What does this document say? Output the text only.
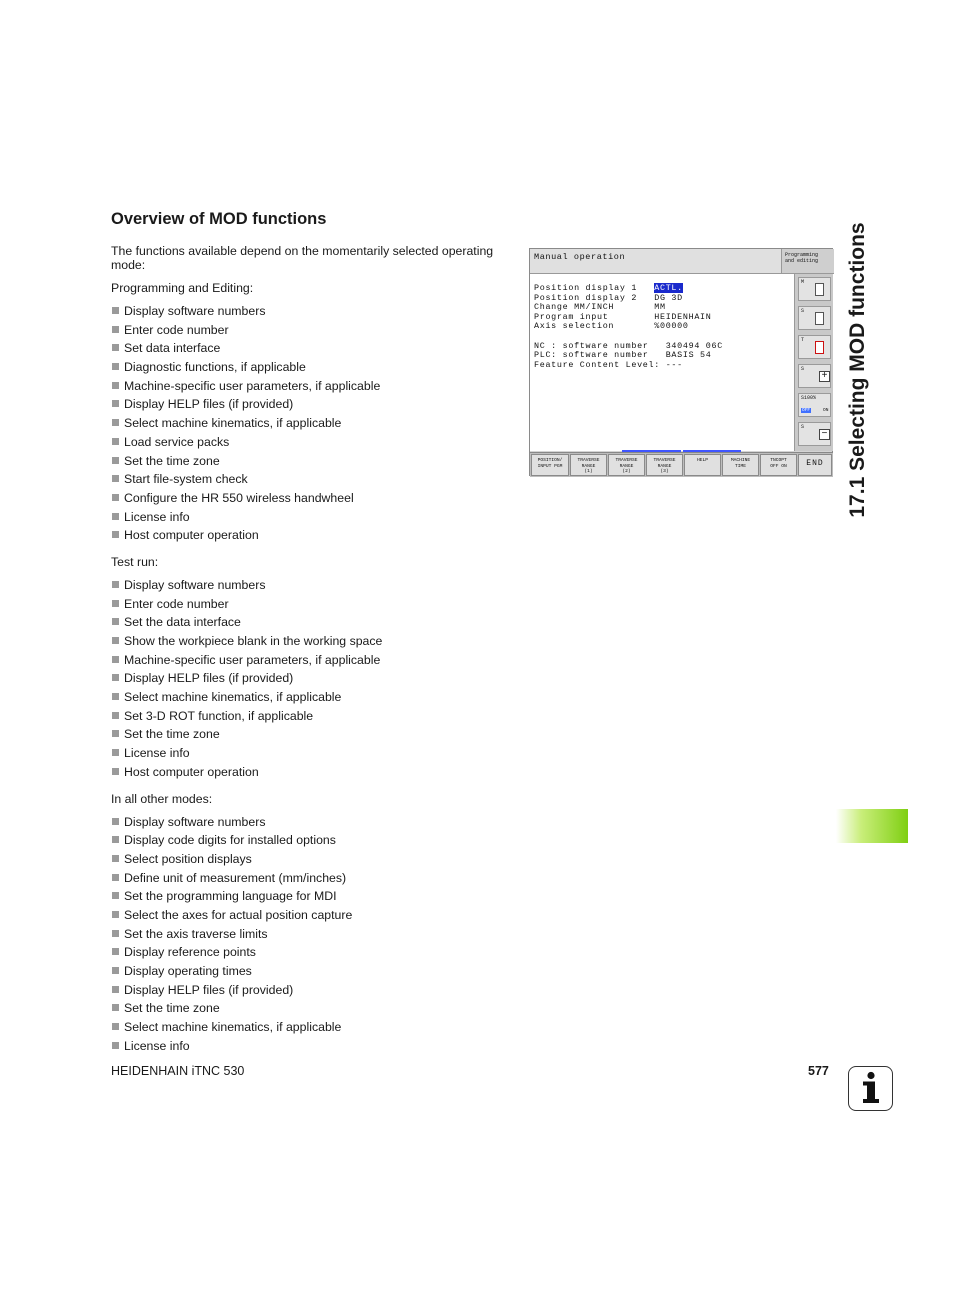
Overview of MOD functions

The functions available depend on the momentarily selected operating mode:

Programming and Editing:

Display software numbers
Enter code number
Set data interface
Diagnostic functions, if applicable
Machine-specific user parameters, if applicable
Display HELP files (if provided)
Select machine kinematics, if applicable
Load service packs
Set the time zone
Start file-system check
Configure the HR 550 wireless handwheel
License info
Host computer operation

Test run:

Display software numbers
Enter code number
Set the data interface
Show the workpiece blank in the working space
Machine-specific user parameters, if applicable
Display HELP files (if provided)
Select machine kinematics, if applicable
Set 3-D ROT function, if applicable
Set the time zone
License info
Host computer operation

In all other modes:

Display software numbers
Display code digits for installed options
Select position displays
Define unit of measurement (mm/inches)
Set the programming language for MDI
Select the axes for actual position capture
Set the axis traverse limits
Display reference points
Display operating times
Display HELP files (if provided)
Set the time zone
Select machine kinematics, if applicable
License info
Manual operation	Programming
and editing
Position display 1   ACTL.
Position display 2   DG 3D
Change MM/INCH       MM
Program input        HEIDENHAIN
Axis selection       %00000
NC : software number   340494 06C
PLC: software number   BASIS 54
Feature Content Level: ---
M
S
T
S
+
S100%
OFF	ON
S
−
POSITION/
INPUT PGM
TRAVERSE
RANGE
(1)
TRAVERSE
RANGE
(2)
TRAVERSE
RANGE
(3)
HELP	MACHINE
TIME
TNCOPT
OFF ON	END	17.1 Selecting MOD functions
HEIDENHAIN iTNC 530	577
